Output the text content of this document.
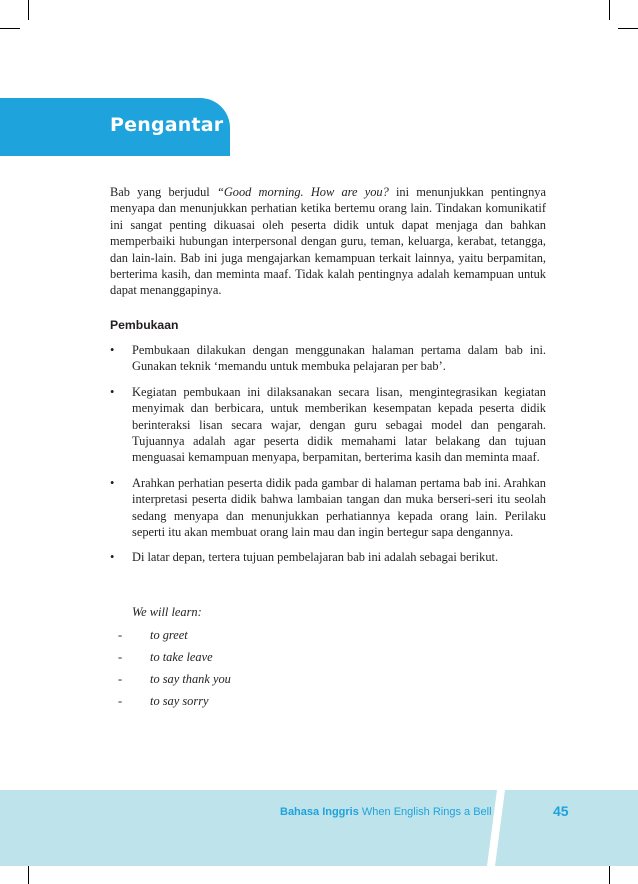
Pengantar
Bab yang berjudul “Good morning. How are you? ini menunjukkan pentingnya menyapa dan menunjukkan perhatian ketika bertemu orang lain. Tindakan komunikatif ini sangat penting dikuasai oleh peserta didik untuk dapat menjaga dan bahkan memperbaiki hubungan interpersonal dengan guru, teman, keluarga, kerabat, tetangga, dan lain-lain. Bab ini juga mengajarkan kemampuan terkait lainnya, yaitu berpamitan, berterima kasih, dan meminta maaf. Tidak kalah pentingnya adalah kemampuan untuk dapat menanggapinya.
Pembukaan
• Pembukaan dilakukan dengan menggunakan halaman pertama dalam bab ini. Gunakan teknik ‘memandu untuk membuka pelajaran per bab’.
• Kegiatan pembukaan ini dilaksanakan secara lisan, mengintegrasikan kegiatan menyimak dan berbicara, untuk memberikan kesempatan kepada peserta didik berinteraksi lisan secara wajar, dengan guru sebagai model dan pengarah. Tujuannya adalah agar peserta didik memahami latar belakang dan tujuan menguasai kemampuan menyapa, berpamitan, berterima kasih dan meminta maaf.
• Arahkan perhatian peserta didik pada gambar di halaman pertama bab ini. Arahkan interpretasi peserta didik bahwa lambaian tangan dan muka berseri-seri itu seolah sedang menyapa dan menunjukkan perhatiannya kepada orang lain. Perilaku seperti itu akan membuat orang lain mau dan ingin bertegur sapa dengannya.
• Di latar depan, tertera tujuan pembelajaran bab ini adalah sebagai berikut.
We will learn:
- to greet
- to take leave
- to say thank you
- to say sorry
Bahasa Inggris When English Rings a Bell	45
